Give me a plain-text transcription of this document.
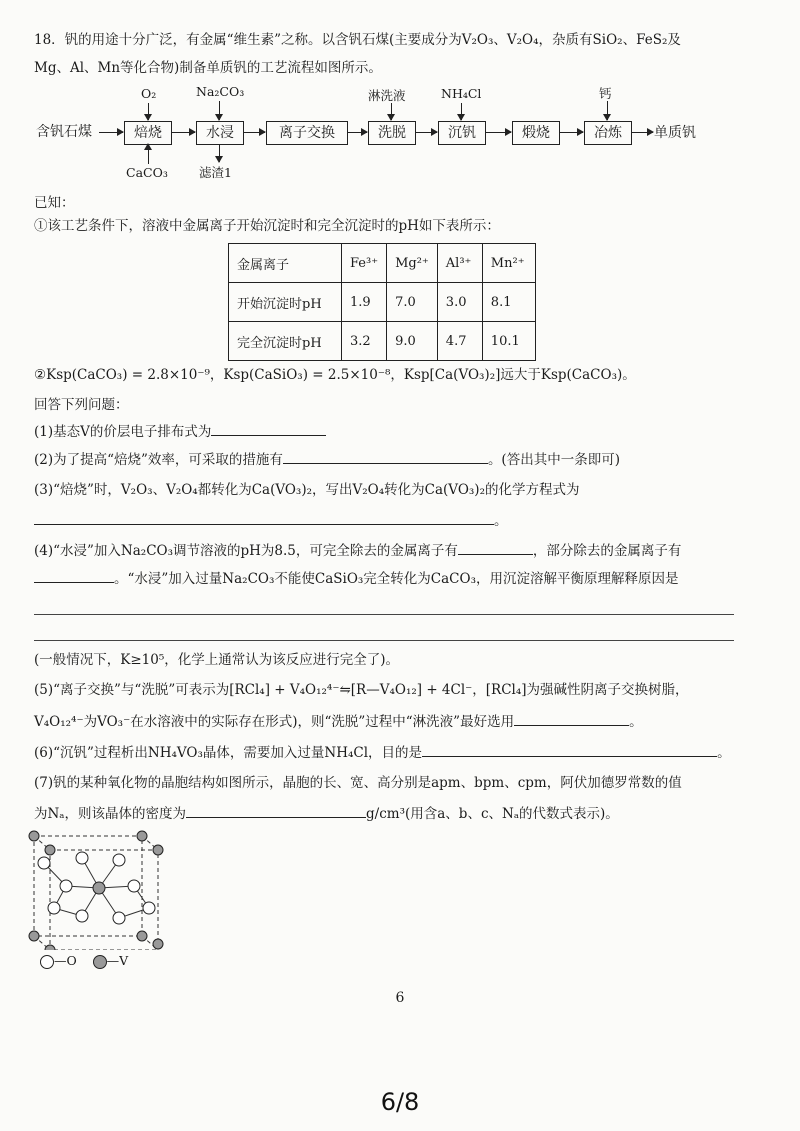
18．钒的用途十分广泛，有金属“维生素”之称。以含钒石煤(主要成分为V₂O₃、V₂O₄，杂质有SiO₂、FeS₂及
Mg、Al、Mn等化合物)制备单质钒的工艺流程如图所示。
含钒石煤	焙烧	水浸	离子交换	洗脱	沉钒	煅烧	冶炼	单质钒
O₂
CaCO₃
Na₂CO₃
滤渣1
淋洗液	NH₄Cl	钙
已知：
①该工艺条件下，溶液中金属离子开始沉淀时和完全沉淀时的pH如下表所示：
金属离子	Fe³⁺	Mg²⁺	Al³⁺	Mn²⁺
开始沉淀时pH	1.9	7.0	3.0	8.1
完全沉淀时pH	3.2	9.0	4.7	10.1
②Ksp(CaCO₃) = 2.8×10⁻⁹，Ksp(CaSiO₃) = 2.5×10⁻⁸，Ksp[Ca(VO₃)₂]远大于Ksp(CaCO₃)。
回答下列问题：
(1)基态V的价层电子排布式为
(2)为了提高“焙烧”效率，可采取的措施有	。(答出其中一条即可)
(3)“焙烧”时，V₂O₃、V₂O₄都转化为Ca(VO₃)₂，写出V₂O₄转化为Ca(VO₃)₂的化学方程式为
。
(4)“水浸”加入Na₂CO₃调节溶液的pH为8.5，可完全除去的金属离子有	，部分除去的金属离子有
。“水浸”加入过量Na₂CO₃不能使CaSiO₃完全转化为CaCO₃，用沉淀溶解平衡原理解释原因是
(一般情况下，K≥10⁵，化学上通常认为该反应进行完全了)。
(5)“离子交换”与“洗脱”可表示为[RCl₄] + V₄O₁₂⁴⁻⇋[R—V₄O₁₂] + 4Cl⁻，[RCl₄]为强碱性阴离子交换树脂，
V₄O₁₂⁴⁻为VO₃⁻在水溶液中的实际存在形式)，则“洗脱”过程中“淋洗液”最好选用	。
(6)“沉钒”过程析出NH₄VO₃晶体，需要加入过量NH₄Cl，目的是	。
(7)钒的某种氧化物的晶胞结构如图所示，晶胞的长、宽、高分别是apm、bpm、cpm，阿伏加德罗常数的值
为Nₐ，则该晶体的密度为	g/cm³(用含a、b、c、Nₐ的代数式表示)。
—O —V
6
6/8
